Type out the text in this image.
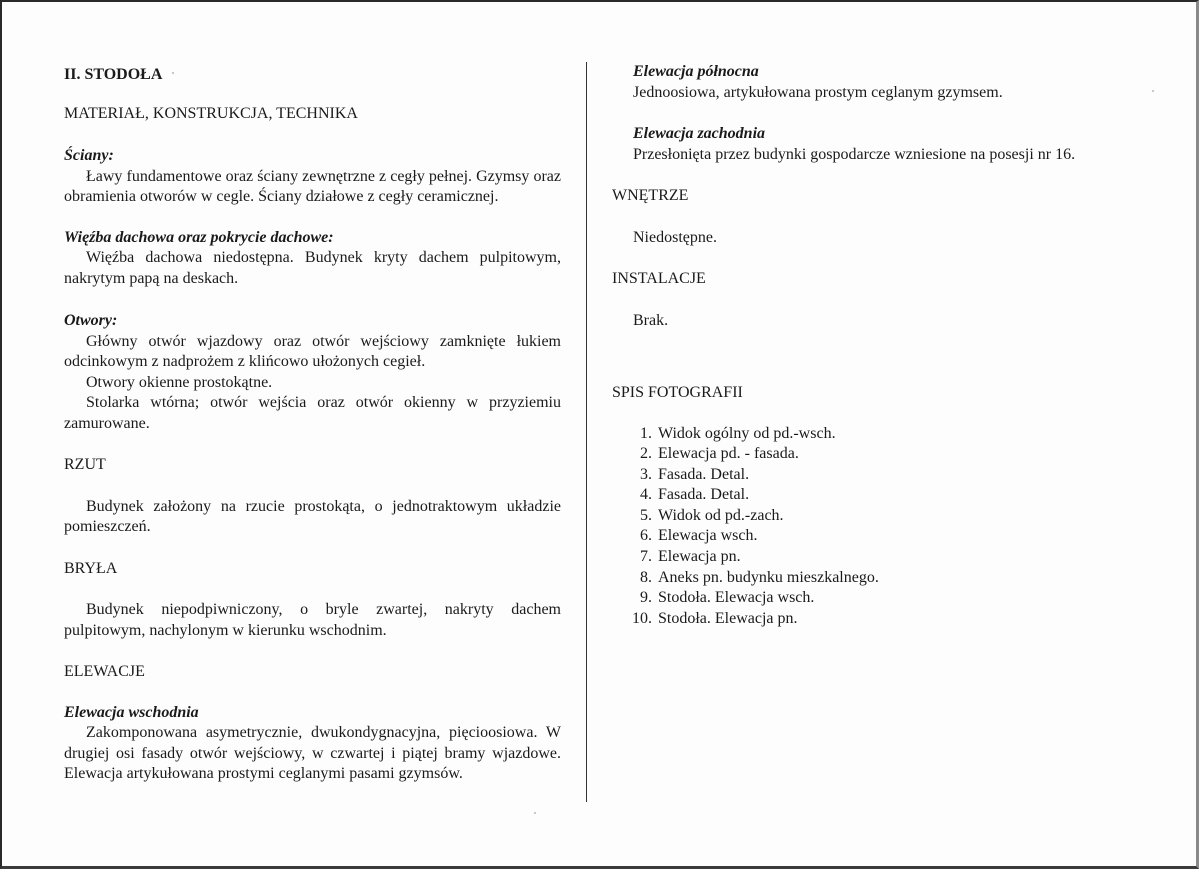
II. STODOŁA

MATERIAŁ, KONSTRUKCJA, TECHNIKA

Ściany:

Ławy fundamentowe oraz ściany zewnętrzne z cegły pełnej. Gzymsy oraz obramienia otworów w cegle. Ściany działowe z cegły ceramicznej.

Więźba dachowa oraz pokrycie dachowe:

Więźba dachowa niedostępna. Budynek kryty dachem pulpitowym, nakrytym papą na deskach.

Otwory:

Główny otwór wjazdowy oraz otwór wejściowy zamknięte łukiem odcinkowym z nadprożem z klińcowo ułożonych cegieł.

Otwory okienne prostokątne.

Stolarka wtórna; otwór wejścia oraz otwór okienny w przyziemiu zamurowane.

RZUT

Budynek założony na rzucie prostokąta, o jednotraktowym układzie pomieszczeń.

BRYŁA

Budynek niepodpiwniczony, o bryle zwartej, nakryty dachem pulpitowym, nachylonym w kierunku wschodnim.

ELEWACJE

Elewacja wschodnia

Zakomponowana asymetrycznie, dwukondygnacyjna, pięcioosiowa. W drugiej osi fasady otwór wejściowy, w czwartej i piątej bramy wjazdowe. Elewacja artykułowana prostymi ceglanymi pasami gzymsów.

Elewacja północna

Jednoosiowa, artykułowana prostym ceglanym gzymsem.

Elewacja zachodnia

Przesłonięta przez budynki gospodarcze wzniesione na posesji nr 16.

WNĘTRZE

Niedostępne.

INSTALACJE

Brak.

SPIS FOTOGRAFII

1. Widok ogólny od pd.-wsch.
2. Elewacja pd. - fasada.
3. Fasada. Detal.
4. Fasada. Detal.
5. Widok od pd.-zach.
6. Elewacja wsch.
7. Elewacja pn.
8. Aneks pn. budynku mieszkalnego.
9. Stodoła. Elewacja wsch.
10. Stodoła. Elewacja pn.
